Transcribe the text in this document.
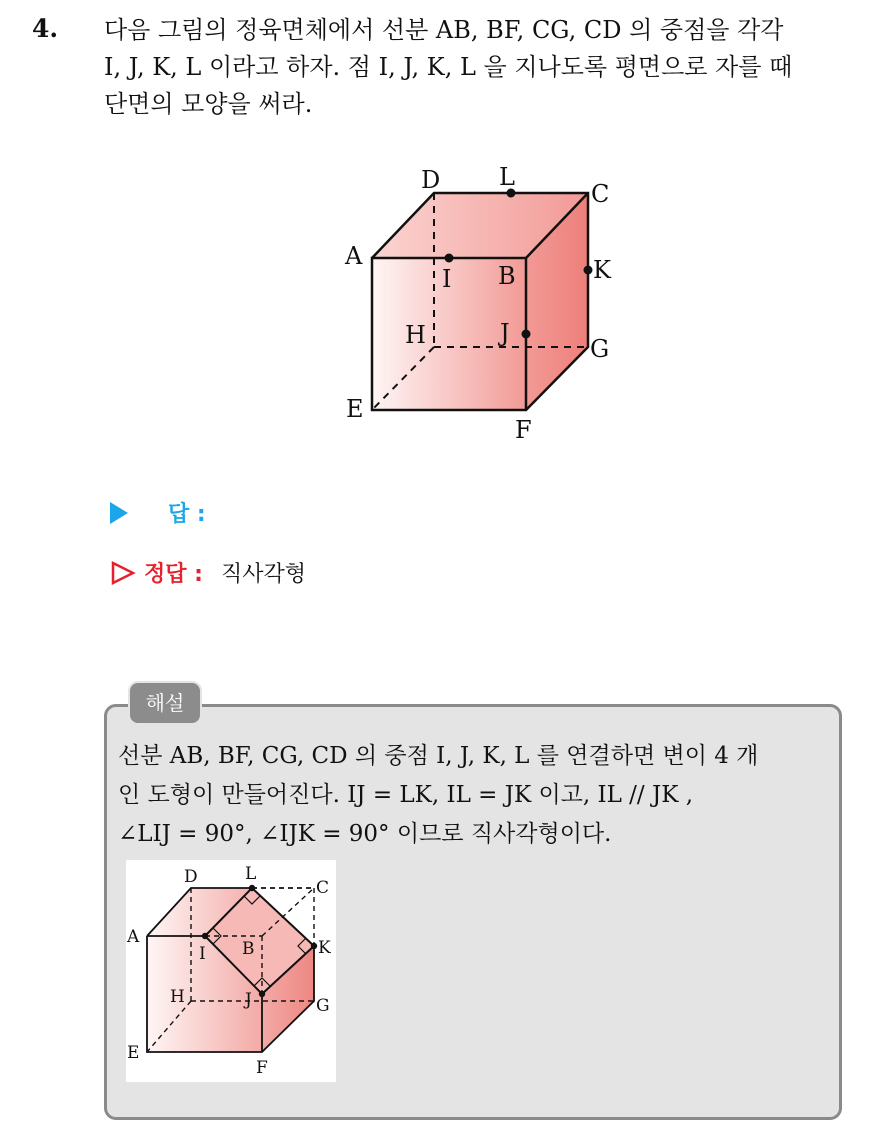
4. 다음 그림의 정육면체에서 선분 AB, BF, CG, CD 의 중점을 각각
I, J, K, L 이라고 하자. 점 I, J, K, L 을 지나도록 평면으로 자를 때
단면의 모양을 써라.
A
D L
C
I B	K
H	J
G
E
F
답 :
정답 : 직사각형
해설
선분 AB, BF, CG, CD 의 중점 I, J, K, L 를 연결하면 변이 4 개
인 도형이 만들어진다. IJ = LK, IL = JK 이고, IL // JK ,
∠LIJ = 90°, ∠IJK = 90° 이므로 직사각형이다.
A
D	L
C
I B	K
H	J	G
E
F
